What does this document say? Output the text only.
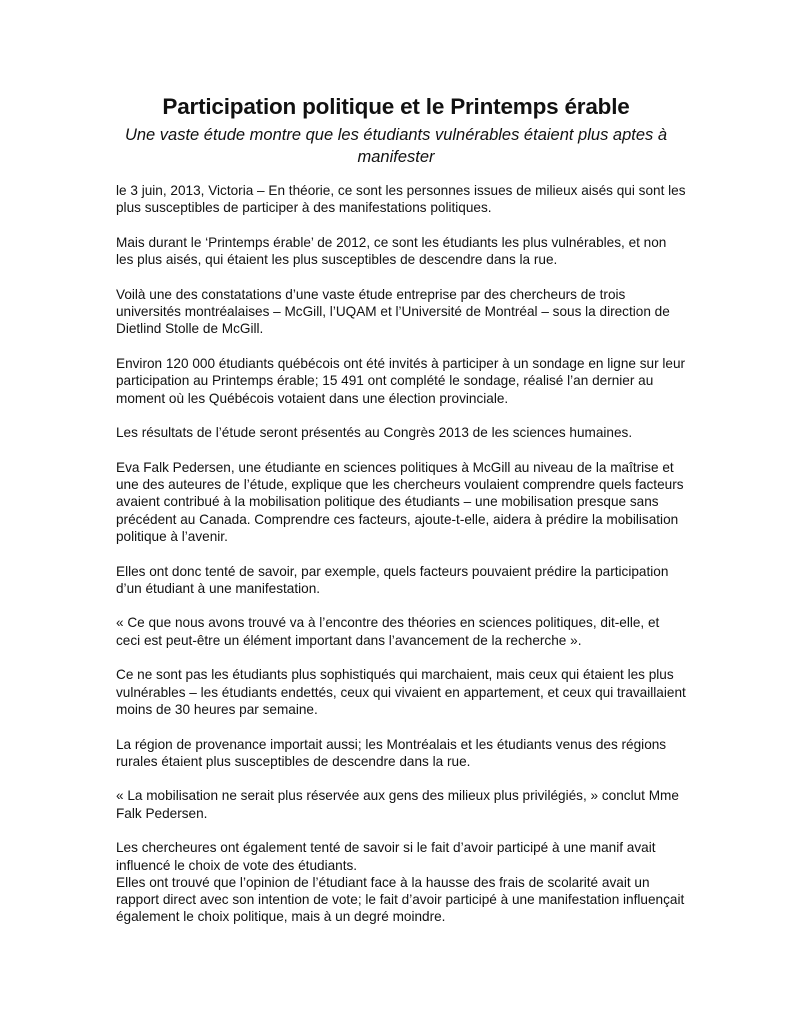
Participation politique et le Printemps érable

Une vaste étude montre que les étudiants vulnérables étaient plus aptes à manifester

le 3 juin, 2013, Victoria – En théorie, ce sont les personnes issues de milieux aisés qui sont les plus susceptibles de participer à des manifestations politiques.

Mais durant le ‘Printemps érable’ de 2012, ce sont les étudiants les plus vulnérables, et non les plus aisés, qui étaient les plus susceptibles de descendre dans la rue.

Voilà une des constatations d’une vaste étude entreprise par des chercheurs de trois universités montréalaises – McGill, l’UQAM et l’Université de Montréal – sous la direction de Dietlind Stolle de McGill.

Environ 120 000 étudiants québécois ont été invités à participer à un sondage en ligne sur leur participation au Printemps érable; 15 491 ont complété le sondage, réalisé l’an dernier au moment où les Québécois votaient dans une élection provinciale.

Les résultats de l’étude seront présentés au Congrès 2013 de les sciences humaines.

Eva Falk Pedersen, une étudiante en sciences politiques à McGill au niveau de la maîtrise et une des auteures de l’étude, explique que les chercheurs voulaient comprendre quels facteurs avaient contribué à la mobilisation politique des étudiants – une mobilisation presque sans précédent au Canada. Comprendre ces facteurs, ajoute-t-elle, aidera à prédire la mobilisation politique à l’avenir.

Elles ont donc tenté de savoir, par exemple, quels facteurs pouvaient prédire la participation d’un étudiant à une manifestation.

« Ce que nous avons trouvé va à l’encontre des théories en sciences politiques, dit-elle, et ceci est peut-être un élément important dans l’avancement de la recherche ».

Ce ne sont pas les étudiants plus sophistiqués qui marchaient, mais ceux qui étaient les plus vulnérables – les étudiants endettés, ceux qui vivaient en appartement, et ceux qui travaillaient moins de 30 heures par semaine.

La région de provenance importait aussi; les Montréalais et les étudiants venus des régions rurales étaient plus susceptibles de descendre dans la rue.

« La mobilisation ne serait plus réservée aux gens des milieux plus privilégiés, » conclut Mme Falk Pedersen.

Les chercheures ont également tenté de savoir si le fait d’avoir participé à une manif avait influencé le choix de vote des étudiants.

Elles ont trouvé que l’opinion de l’étudiant face à la hausse des frais de scolarité avait un rapport direct avec son intention de vote; le fait d’avoir participé à une manifestation influençait également le choix politique, mais à un degré moindre.
